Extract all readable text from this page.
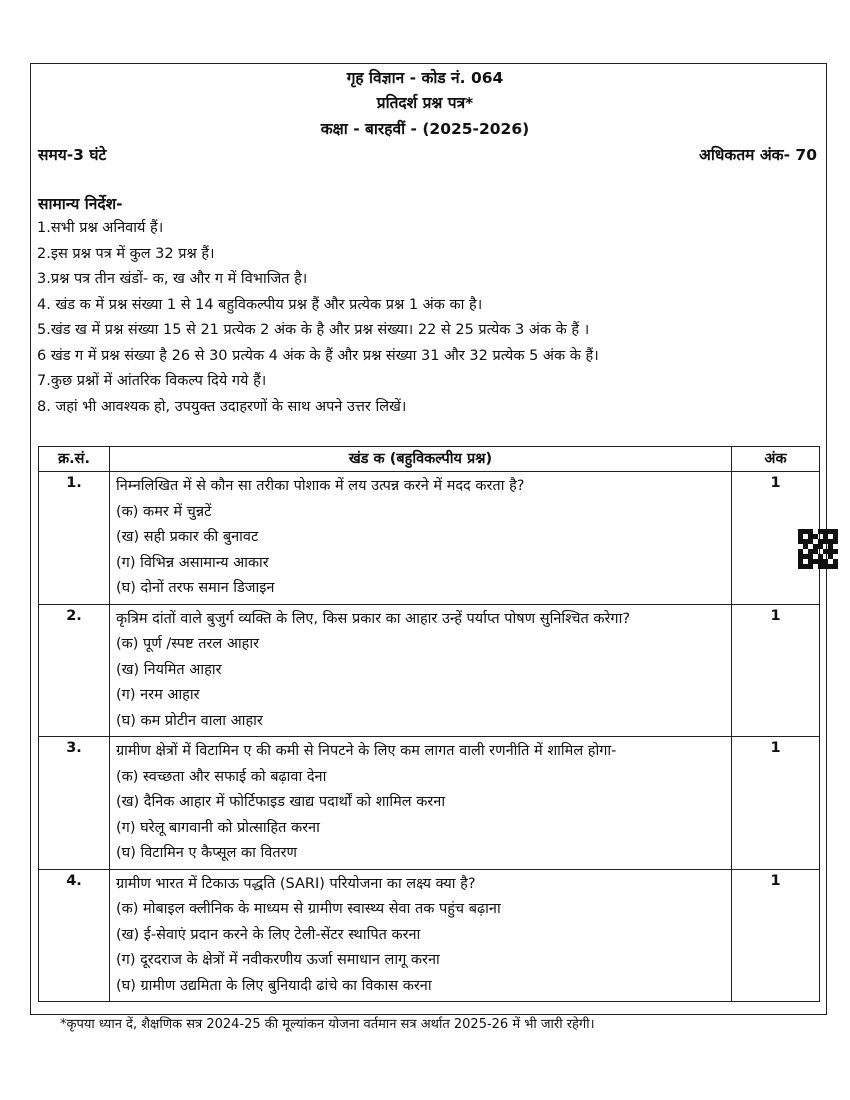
गृह विज्ञान - कोड नं. 064
प्रतिदर्श प्रश्न पत्र*
कक्षा - बारहवीं - (2025-2026)
समय-3 घंटे	अधिकतम अंक- 70
सामान्य निर्देश-
1.सभी प्रश्न अनिवार्य हैं।
2.इस प्रश्न पत्र में कुल 32 प्रश्न हैं।
3.प्रश्न पत्र तीन खंडों- क, ख और ग में विभाजित है।
4. खंड क में प्रश्न संख्या 1 से 14 बहुविकल्पीय प्रश्न हैं और प्रत्येक प्रश्न 1 अंक का है।
5.खंड ख में प्रश्न संख्या 15 से 21 प्रत्येक 2 अंक के है और प्रश्न संख्या। 22 से 25 प्रत्येक 3 अंक के हैं ।
6 खंड ग में प्रश्न संख्या है 26 से 30 प्रत्येक 4 अंक के हैं और प्रश्न संख्या 31 और 32 प्रत्येक 5 अंक के हैं।
7.कुछ प्रश्नों में आंतरिक विकल्प दिये गये हैं।
8. जहां भी आवश्यक हो, उपयुक्त उदाहरणों के साथ अपने उत्तर लिखें।
क्र.सं.	खंड क (बहुविकल्पीय प्रश्न)	अंक
1.	निम्नलिखित में से कौन सा तरीका पोशाक में लय उत्पन्न करने में मदद करता है?
(क) कमर में चुन्नटें
(ख) सही प्रकार की बुनावट
(ग) विभिन्न असामान्य आकार
(घ) दोनों तरफ समान डिजाइन	1
2.	कृत्रिम दांतों वाले बुजुर्ग व्यक्ति के लिए, किस प्रकार का आहार उन्हें पर्याप्त पोषण सुनिश्चित करेगा?
(क) पूर्ण /स्पष्ट तरल आहार
(ख) नियमित आहार
(ग) नरम आहार
(घ) कम प्रोटीन वाला आहार	1
3.	ग्रामीण क्षेत्रों में विटामिन ए की कमी से निपटने के लिए कम लागत वाली रणनीति में शामिल होगा-
(क) स्वच्छता और सफाई को बढ़ावा देना
(ख) दैनिक आहार में फोर्टिफाइड खाद्य पदार्थों को शामिल करना
(ग) घरेलू बागवानी को प्रोत्साहित करना
(घ) विटामिन ए कैप्सूल का वितरण	1
4.	ग्रामीण भारत में टिकाऊ पद्धति (SARI) परियोजना का लक्ष्य क्या है?
(क) मोबाइल क्लीनिक के माध्यम से ग्रामीण स्वास्थ्य सेवा तक पहुंच बढ़ाना
(ख) ई-सेवाएं प्रदान करने के लिए टेली-सेंटर स्थापित करना
(ग) दूरदराज के क्षेत्रों में नवीकरणीय ऊर्जा समाधान लागू करना
(घ) ग्रामीण उद्यमिता के लिए बुनियादी ढांचे का विकास करना	1
*कृपया ध्यान दें, शैक्षणिक सत्र 2024-25 की मूल्यांकन योजना वर्तमान सत्र अर्थात 2025-26 में भी जारी रहेगी।
